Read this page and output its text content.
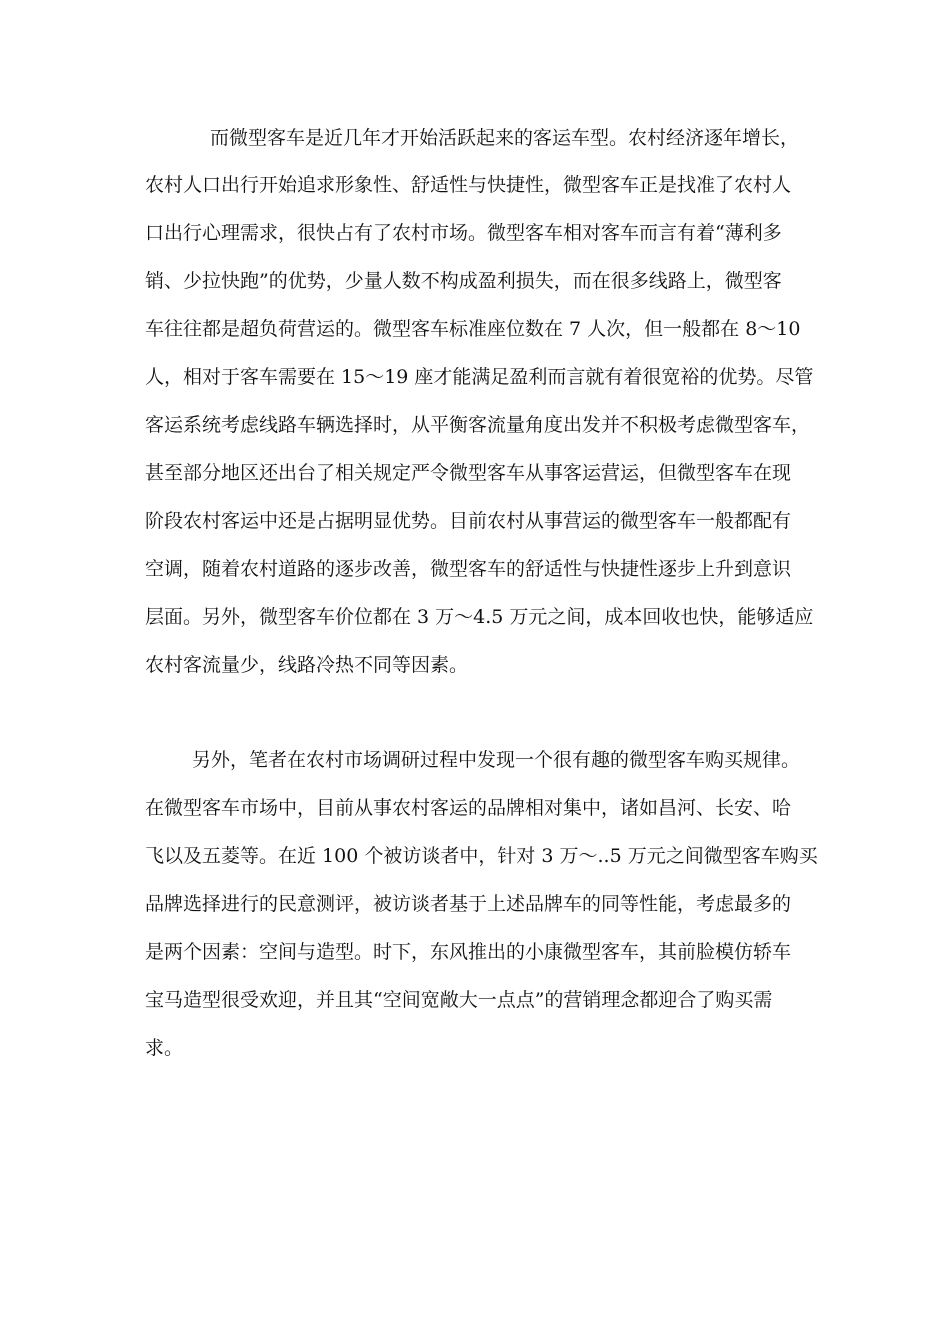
而微型客车是近几年才开始活跃起来的客运车型。农村经济逐年增长，
农村人口出行开始追求形象性、舒适性与快捷性，微型客车正是找准了农村人
口出行心理需求，很快占有了农村市场。微型客车相对客车而言有着“薄利多
销、少拉快跑”的优势，少量人数不构成盈利损失，而在很多线路上，微型客
车往往都是超负荷营运的。微型客车标准座位数在 7 人次，但一般都在 8～10
人，相对于客车需要在 15～19 座才能满足盈利而言就有着很宽裕的优势。尽管
客运系统考虑线路车辆选择时，从平衡客流量角度出发并不积极考虑微型客车，
甚至部分地区还出台了相关规定严令微型客车从事客运营运，但微型客车在现
阶段农村客运中还是占据明显优势。目前农村从事营运的微型客车一般都配有
空调，随着农村道路的逐步改善，微型客车的舒适性与快捷性逐步上升到意识
层面。另外，微型客车价位都在 3 万～4.5 万元之间，成本回收也快，能够适应
农村客流量少，线路冷热不同等因素。
另外，笔者在农村市场调研过程中发现一个很有趣的微型客车购买规律。
在微型客车市场中，目前从事农村客运的品牌相对集中，诸如昌河、长安、哈
飞以及五菱等。在近 100 个被访谈者中，针对 3 万～..5 万元之间微型客车购买
品牌选择进行的民意测评，被访谈者基于上述品牌车的同等性能，考虑最多的
是两个因素：空间与造型。时下，东风推出的小康微型客车，其前脸模仿轿车
宝马造型很受欢迎，并且其“空间宽敞大一点点”的营销理念都迎合了购买需
求。
